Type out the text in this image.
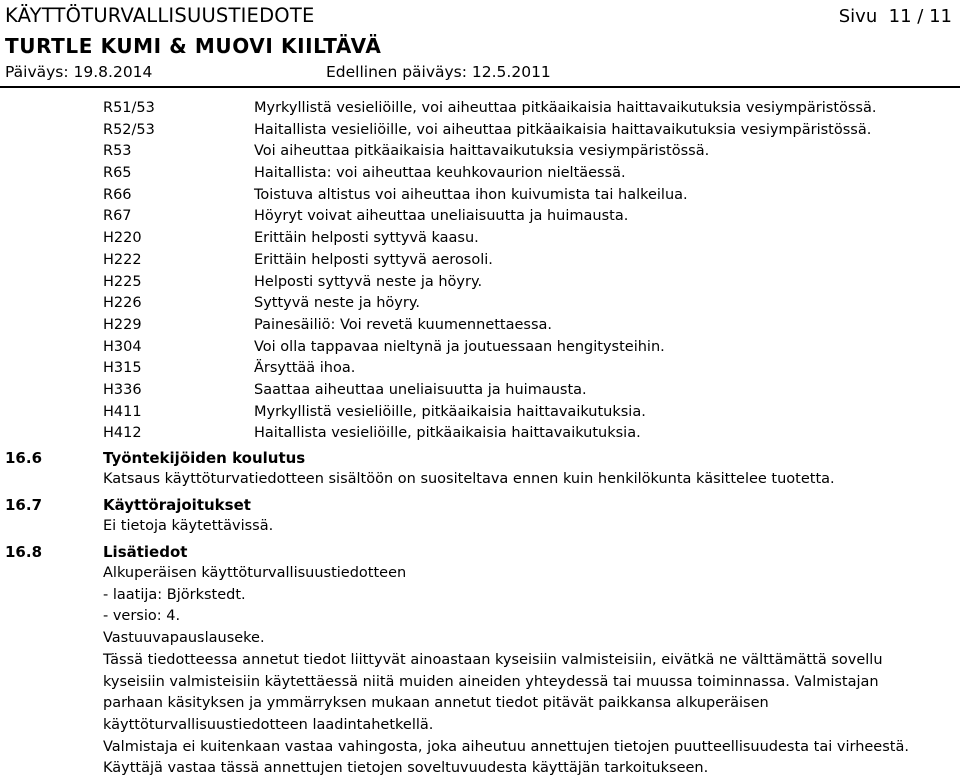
KÄYTTÖTURVALLISUUSTIEDOTE	Sivu  11 / 11
TURTLE KUMI & MUOVI KIILTÄVÄ
Päiväys: 19.8.2014	Edellinen päiväys: 12.5.2011
R51/53	Myrkyllistä vesieliöille, voi aiheuttaa pitkäaikaisia haittavaikutuksia vesiympäristössä.
R52/53	Haitallista vesieliöille, voi aiheuttaa pitkäaikaisia haittavaikutuksia vesiympäristössä.
R53	Voi aiheuttaa pitkäaikaisia haittavaikutuksia vesiympäristössä.
R65	Haitallista: voi aiheuttaa keuhkovaurion nieltäessä.
R66	Toistuva altistus voi aiheuttaa ihon kuivumista tai halkeilua.
R67	Höyryt voivat aiheuttaa uneliaisuutta ja huimausta.
H220	Erittäin helposti syttyvä kaasu.
H222	Erittäin helposti syttyvä aerosoli.
H225	Helposti syttyvä neste ja höyry.
H226	Syttyvä neste ja höyry.
H229	Painesäiliö: Voi revetä kuumennettaessa.
H304	Voi olla tappavaa nieltynä ja joutuessaan hengitysteihin.
H315	Ärsyttää ihoa.
H336	Saattaa aiheuttaa uneliaisuutta ja huimausta.
H411	Myrkyllistä vesieliöille, pitkäaikaisia haittavaikutuksia.
H412	Haitallista vesieliöille, pitkäaikaisia haittavaikutuksia.
16.6	Työntekijöiden koulutus
Katsaus käyttöturvatiedotteen sisältöön on suositeltava ennen kuin henkilökunta käsittelee tuotetta.
16.7	Käyttörajoitukset
Ei tietoja käytettävissä.
16.8	Lisätiedot
Alkuperäisen käyttöturvallisuustiedotteen
- laatija: Björkstedt.
- versio: 4.
Vastuuvapauslauseke.
Tässä tiedotteessa annetut tiedot liittyvät ainoastaan kyseisiin valmisteisiin, eivätkä ne välttämättä sovellu
kyseisiin valmisteisiin käytettäessä niitä muiden aineiden yhteydessä tai muussa toiminnassa. Valmistajan
parhaan käsityksen ja ymmärryksen mukaan annetut tiedot pitävät paikkansa alkuperäisen
käyttöturvallisuustiedotteen laadintahetkellä.
Valmistaja ei kuitenkaan vastaa vahingosta, joka aiheutuu annettujen tietojen puutteellisuudesta tai virheestä.
Käyttäjä vastaa tässä annettujen tietojen soveltuvuudesta käyttäjän tarkoitukseen.
